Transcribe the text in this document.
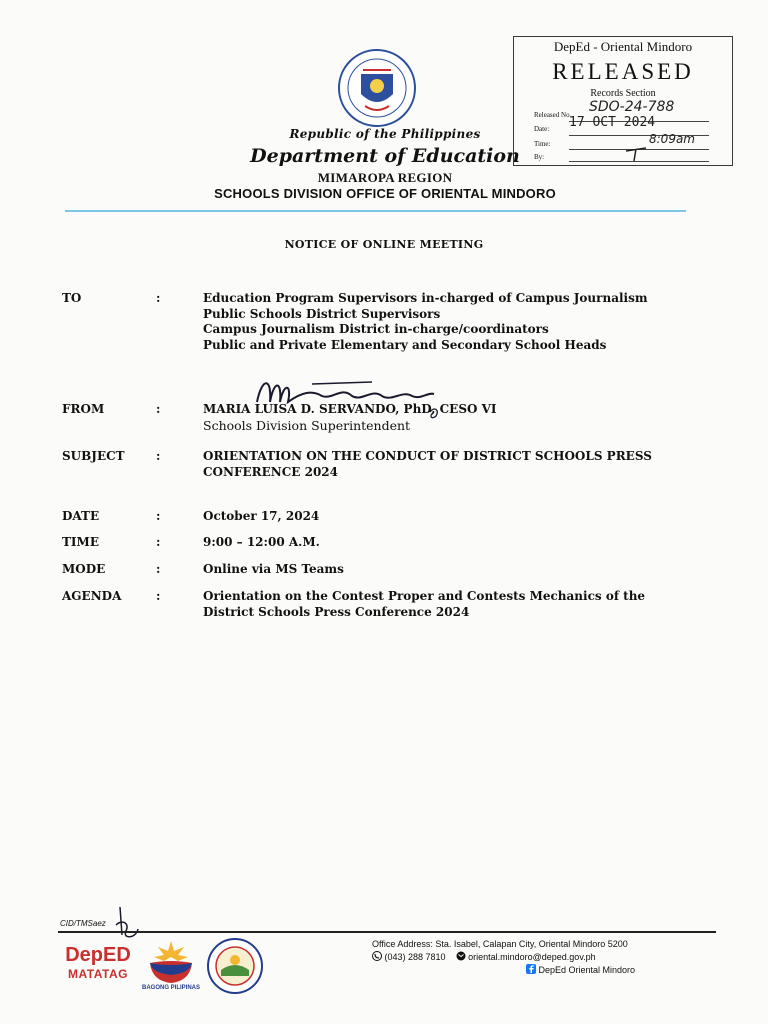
Republic of the Philippines
Department of Education
MIMAROPA REGION
SCHOOLS DIVISION OFFICE OF ORIENTAL MINDORO
DepEd - Oriental Mindoro
RELEASED
Records Section
Released No. SDO-24-788
Date: 17 OCT 2024
Time:	8:09am
By:
NOTICE OF ONLINE MEETING
TO	:	Education Program Supervisors in-charged of Campus Journalism
Public Schools District Supervisors
Campus Journalism District in-charge/coordinators
Public and Private Elementary and Secondary School Heads
FROM	:	MARIA LUISA D. SERVANDO, PhD, CESO VI
Schools Division Superintendent
SUBJECT	:	ORIENTATION ON THE CONDUCT OF DISTRICT SCHOOLS PRESS
CONFERENCE 2024
DATE	:	October 17, 2024
TIME	:	9:00 – 12:00 A.M.
MODE	:	Online via MS Teams
AGENDA	:	Orientation on the Contest Proper and Contests Mechanics of the
District Schools Press Conference 2024
CID/TMSaez
DepED
MATATAG
BAGONG PILIPINAS
Office Address: Sta. Isabel, Calapan City, Oriental Mindoro 5200
(043) 288 7810	oriental.mindoro@deped.gov.ph
DepEd Oriental Mindoro
